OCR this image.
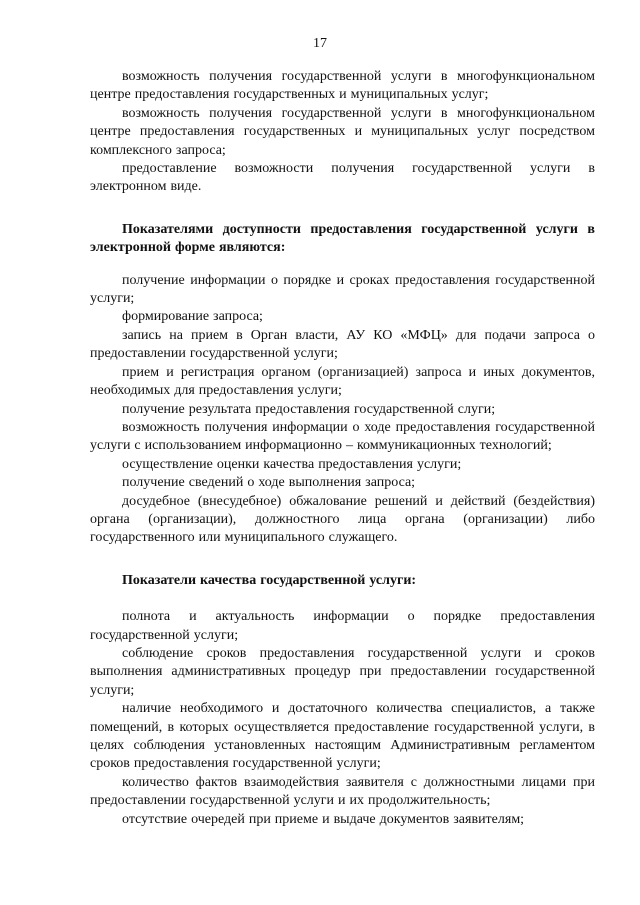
17

возможность получения государственной услуги в многофункциональном центре предоставления государственных и муниципальных услуг;

возможность получения государственной услуги в многофункциональном центре предоставления государственных и муниципальных услуг посредством комплексного запроса;

предоставление возможности получения государственной услуги в электронном виде.

Показателями доступности предоставления государственной услуги в электронной форме являются:

получение информации о порядке и сроках предоставления государственной услуги;

формирование запроса;

запись на прием в Орган власти, АУ КО «МФЦ» для подачи запроса о предоставлении государственной услуги;

прием и регистрация органом (организацией) запроса и иных документов, необходимых для предоставления услуги;

получение результата предоставления государственной слуги;

возможность получения информации о ходе предоставления государственной услуги с использованием информационно – коммуникационных технологий;

осуществление оценки качества предоставления услуги;

получение сведений о ходе выполнения запроса;

досудебное (внесудебное) обжалование решений и действий (бездействия) органа (организации), должностного лица органа (организации) либо государственного или муниципального служащего.

Показатели качества государственной услуги:

полнота и актуальность информации о порядке предоставления государственной услуги;

соблюдение сроков предоставления государственной услуги и сроков выполнения административных процедур при предоставлении государственной услуги;

наличие необходимого и достаточного количества специалистов, а также помещений, в которых осуществляется предоставление государственной услуги, в целях соблюдения установленных настоящим Административным регламентом сроков предоставления государственной услуги;

количество фактов взаимодействия заявителя с должностными лицами при предоставлении государственной услуги и их продолжительность;

отсутствие очередей при приеме и выдаче документов заявителям;
